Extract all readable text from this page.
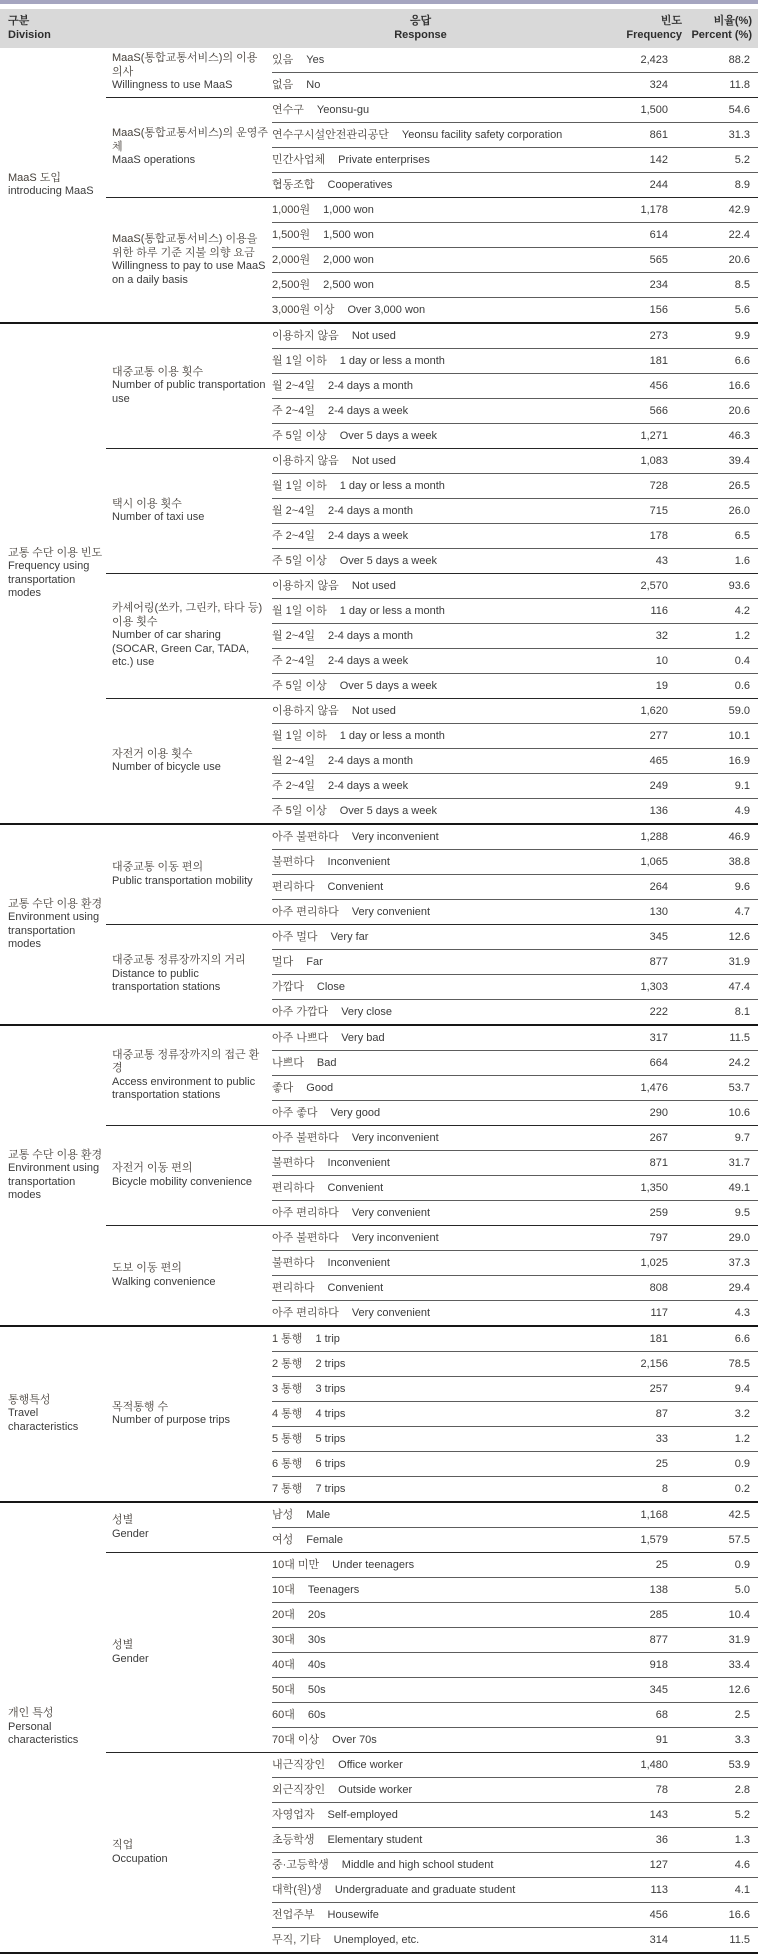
구분
Division
응답
Response
빈도
Frequency
비율(%)
Percent (%)
MaaS 도입
introducing MaaS
MaaS(통합교통서비스)의 이용 의사
Willingness to use MaaS
있음 Yes	2,423	88.2
없음 No	324	11.8
MaaS(통합교통서비스)의 운영주체
MaaS operations
연수구 Yeonsu-gu	1,500	54.6
연수구시설안전관리공단 Yeonsu facility safety corporation	861	31.3
민간사업체 Private enterprises	142	5.2
협동조합 Cooperatives	244	8.9
MaaS(통합교통서비스) 이용을 위한 하루 기준 지불 의향 요금
Willingness to pay to use MaaS on a daily basis
1,000원 1,000 won	1,178	42.9
1,500원 1,500 won	614	22.4
2,000원 2,000 won	565	20.6
2,500원 2,500 won	234	8.5
3,000원 이상 Over 3,000 won	156	5.6
교통 수단 이용 빈도
Frequency using transportation modes
대중교통 이용 횟수
Number of public transportation use
이용하지 않음 Not used	273	9.9
월 1일 이하 1 day or less a month	181	6.6
월 2~4일 2-4 days a month	456	16.6
주 2~4일 2-4 days a week	566	20.6
주 5일 이상 Over 5 days a week	1,271	46.3
택시 이용 횟수
Number of taxi use
이용하지 않음 Not used	1,083	39.4
월 1일 이하 1 day or less a month	728	26.5
월 2~4일 2-4 days a month	715	26.0
주 2~4일 2-4 days a week	178	6.5
주 5일 이상 Over 5 days a week	43	1.6
카셰어링(쏘카, 그린카, 타다 등) 이용 횟수
Number of car sharing (SOCAR, Green Car, TADA, etc.) use
이용하지 않음 Not used	2,570	93.6
월 1일 이하 1 day or less a month	116	4.2
월 2~4일 2-4 days a month	32	1.2
주 2~4일 2-4 days a week	10	0.4
주 5일 이상 Over 5 days a week	19	0.6
자전거 이용 횟수
Number of bicycle use
이용하지 않음 Not used	1,620	59.0
월 1일 이하 1 day or less a month	277	10.1
월 2~4일 2-4 days a month	465	16.9
주 2~4일 2-4 days a week	249	9.1
주 5일 이상 Over 5 days a week	136	4.9
교통 수단 이용 환경
Environment using transportation modes
대중교통 이동 편의
Public transportation mobility
아주 불편하다 Very inconvenient	1,288	46.9
불편하다 Inconvenient	1,065	38.8
편리하다 Convenient	264	9.6
아주 편리하다 Very convenient	130	4.7
대중교통 정류장까지의 거리
Distance to public transportation stations
아주 멀다 Very far	345	12.6
멀다 Far	877	31.9
가깝다 Close	1,303	47.4
아주 가깝다 Very close	222	8.1
교통 수단 이용 환경
Environment using transportation modes
대중교통 정류장까지의 접근 환경
Access environment to public transportation stations
아주 나쁘다 Very bad	317	11.5
나쁘다 Bad	664	24.2
좋다 Good	1,476	53.7
아주 좋다 Very good	290	10.6
자전거 이동 편의
Bicycle mobility convenience
아주 불편하다 Very inconvenient	267	9.7
불편하다 Inconvenient	871	31.7
편리하다 Convenient	1,350	49.1
아주 편리하다 Very convenient	259	9.5
도보 이동 편의
Walking convenience
아주 불편하다 Very inconvenient	797	29.0
불편하다 Inconvenient	1,025	37.3
편리하다 Convenient	808	29.4
아주 편리하다 Very convenient	117	4.3
통행특성
Travel characteristics
목적통행 수
Number of purpose trips
1 통행 1 trip	181	6.6
2 통행 2 trips	2,156	78.5
3 통행 3 trips	257	9.4
4 통행 4 trips	87	3.2
5 통행 5 trips	33	1.2
6 통행 6 trips	25	0.9
7 통행 7 trips	8	0.2
개인 특성
Personal characteristics
성별
Gender
남성 Male	1,168	42.5
여성 Female	1,579	57.5
성별
Gender
10대 미만 Under teenagers	25	0.9
10대 Teenagers	138	5.0
20대 20s	285	10.4
30대 30s	877	31.9
40대 40s	918	33.4
50대 50s	345	12.6
60대 60s	68	2.5
70대 이상 Over 70s	91	3.3
직업
Occupation
내근직장인 Office worker	1,480	53.9
외근직장인 Outside worker	78	2.8
자영업자 Self-employed	143	5.2
초등학생 Elementary student	36	1.3
중·고등학생 Middle and high school student	127	4.6
대학(원)생 Undergraduate and graduate student	113	4.1
전업주부 Housewife	456	16.6
무직, 기타 Unemployed, etc.	314	11.5
